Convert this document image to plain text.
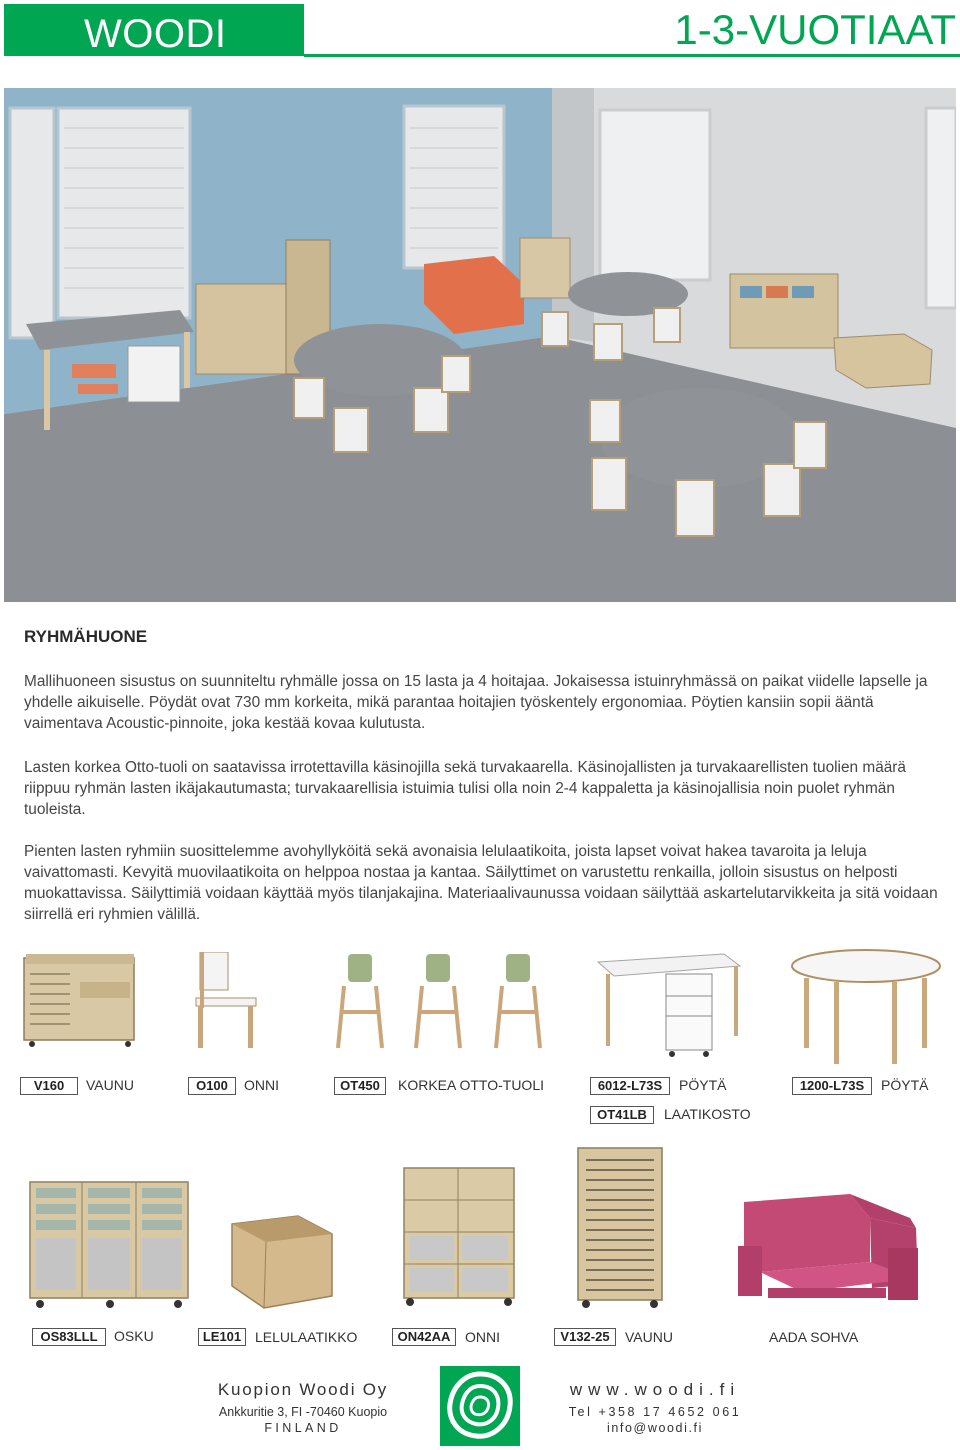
WOODI	1-3-VUOTIAAT
RYHMÄHUONE
Mallihuoneen sisustus on suunniteltu ryhmälle jossa on 15 lasta ja 4 hoitajaa. Jokaisessa istuinryhmässä on paikat viidelle lapselle ja yhdelle aikuiselle. Pöydät ovat 730 mm korkeita, mikä parantaa hoitajien työskentely ergonomiaa. Pöytien kansiin sopii ääntä vaimentava Acoustic-pinnoite, joka kestää kovaa kulutusta.
Lasten korkea Otto-tuoli on saatavissa irrotettavilla käsinojilla sekä turvakaarella. Käsinojallisten ja turvakaarellisten tuolien määrä riippuu ryhmän lasten ikäjakautumasta; turvakaarellisia istuimia tulisi olla noin 2-4 kappaletta ja käsinojallisia noin puolet ryhmän tuoleista.
Pienten lasten ryhmiin suosittelemme avohyllyköitä sekä avonaisia lelulaatikoita, joista lapset voivat hakea tavaroita ja leluja vaivattomasti. Kevyitä muovilaatikoita on helppoa nostaa ja kantaa. Säilyttimet on varustettu renkailla, jolloin sisustus on helposti muokattavissa. Säilyttimiä voidaan käyttää myös tilanjakajina. Materiaalivaunussa voidaan säilyttää askartelutarvikkeita ja sitä voidaan siirrellä eri ryhmien välillä.
V160	VAUNU	O100	ONNI	OT450	KORKEA OTTO-TUOLI	6012-L73S	PÖYTÄ
OT41LB	LAATIKOSTO
1200-L73S	PÖYTÄ
OS83LLL	OSKU	LE101 LELULAATIKKO	ON42AA	ONNI	V132-25	VAUNU	AADA SOHVA
Kuopion Woodi Oy
Ankkuritie 3, FI -70460 Kuopio
FINLAND
www.woodi.fi
Tel +358 17 4652 061
info@woodi.fi
